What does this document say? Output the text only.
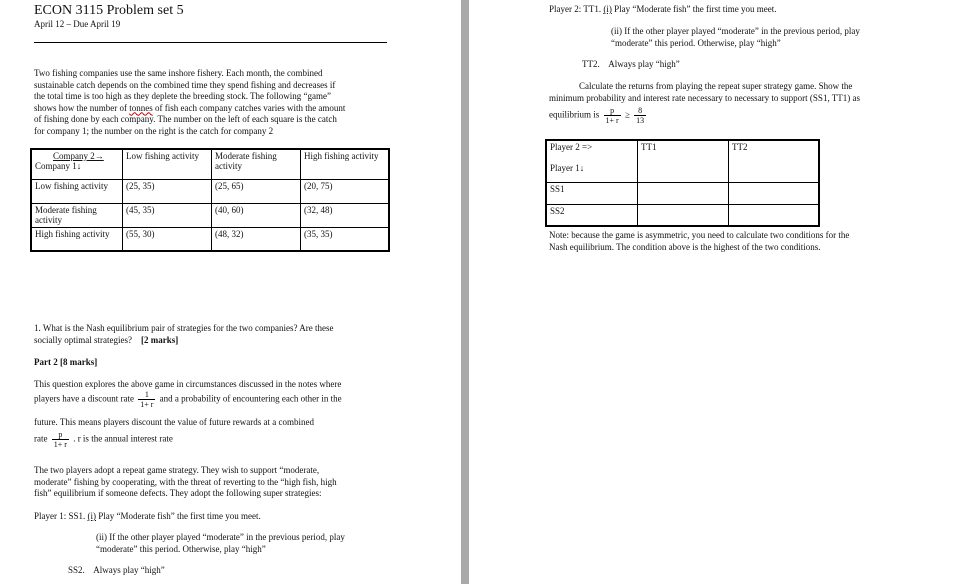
ECON 3115 Problem set 5
April 12 – Due April 19
Two fishing companies use the same inshore fishery. Each month, the combined
sustainable catch depends on the combined time they spend fishing and decreases if
the total time is too high as they deplete the breeding stock. The following “game”
shows how the number of tonnes of fish each company catches varies with the amount
of fishing done by each company. The number on the left of each square is the catch
for company 1; the number on the right is the catch for company 2
Company 2→
Company 1↓	Low fishing activity	Moderate fishing activity	High fishing activity
Low fishing activity	(25, 35)	(25, 65)	(20, 75)
Moderate fishing activity	(45, 35)	(40, 60)	(32, 48)
High fishing activity	(55, 30)	(48, 32)	(35, 35)
1. What is the Nash equilibrium pair of strategies for the two companies? Are these
socially optimal strategies? [2 marks]
Part 2 [8 marks]
This question explores the above game in circumstances discussed in the notes where
players have a discount rate $\frac{1}{1+ r}$ and a probability of encountering each other in the
future. This means players discount the value of future rewards at a combined
rate $\frac{p}{1+ r}$ . r is the annual interest rate
The two players adopt a repeat game strategy. They wish to support “moderate,
moderate” fishing by cooperating, with the threat of reverting to the “high fish, high
fish” equilibrium if someone defects. They adopt the following super strategies:
Player 1: SS1. (i) Play “Moderate fish” the first time you meet.
(ii) If the other player played “moderate” in the previous period, play
“moderate” this period. Otherwise, play “high”
SS2.    Always play “high”
Player 2: TT1. (i) Play “Moderate fish” the first time you meet.
(ii) If the other player played “moderate” in the previous period, play
“moderate” this period. Otherwise, play “high”
TT2.    Always play “high”
Calculate the returns from playing the repeat super strategy game. Show the
minimum probability and interest rate necessary to necessary to support (SS1, TT1) as
equilibrium is $\frac{p}{1+ r} \ge \frac{8}{13}$
Player 2 =>
Player 1↓	TT1	TT2
SS1		
SS2		
Note: because the game is asymmetric, you need to calculate two conditions for the
Nash equilibrium. The condition above is the highest of the two conditions.
